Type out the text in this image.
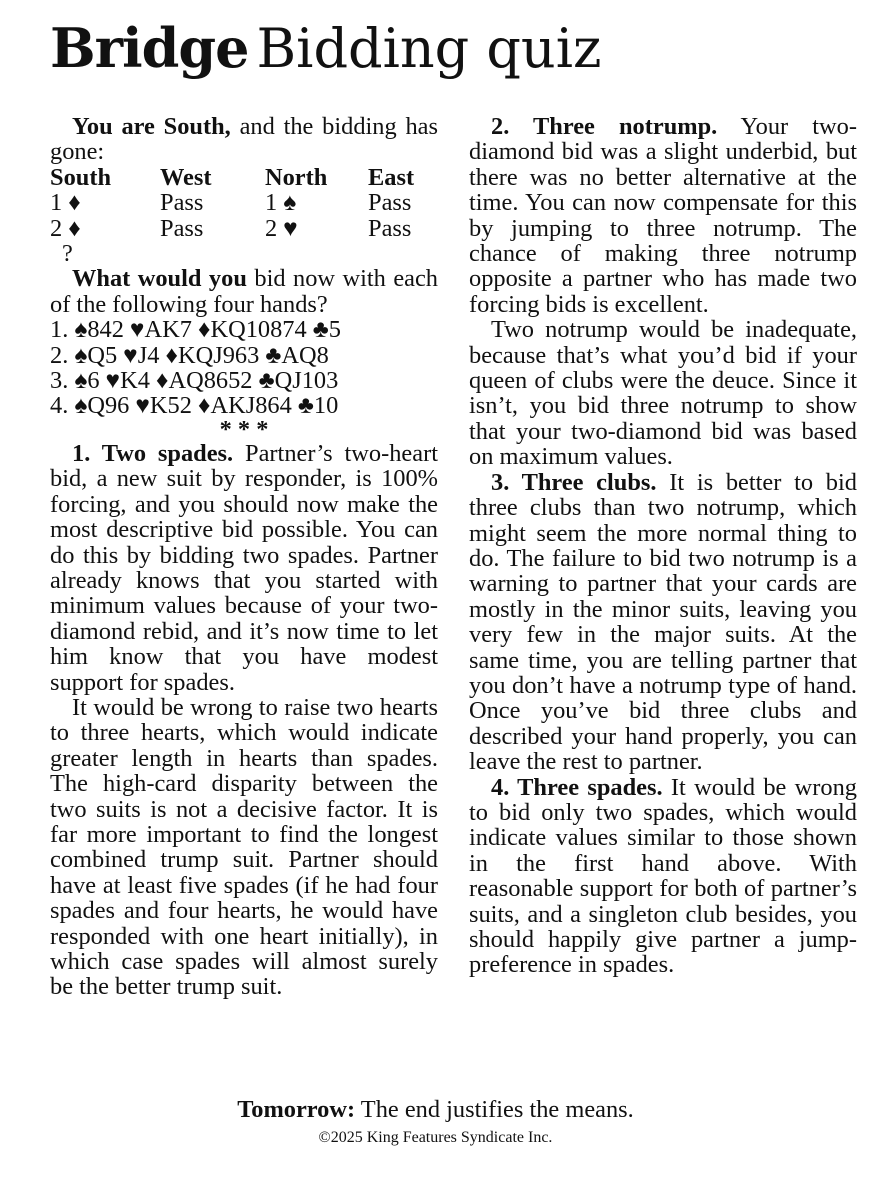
Bridge Bidding quiz

You are South, and the bidding has gone:

South	West	North	East
1 ♦	Pass	1 ♠	Pass
2 ♦	Pass	2 ♥	Pass
?

What would you bid now with each of the following four hands?

1. ♠842 ♥AK7 ♦KQ10874 ♣5

2. ♠Q5 ♥J4 ♦KQJ963 ♣AQ8

3. ♠6 ♥K4 ♦AQ8652 ♣QJ103

4. ♠Q96 ♥K52 ♦AKJ864 ♣10

* * *

1. Two spades. Partner’s two-heart bid, a new suit by responder, is 100% forcing, and you should now make the most descriptive bid possible. You can do this by bidding two spades. Partner already knows that you started with minimum values because of your two-diamond rebid, and it’s now time to let him know that you have modest support for spades.

It would be wrong to raise two hearts to three hearts, which would indicate greater length in hearts than spades. The high-card disparity between the two suits is not a decisive factor. It is far more important to find the longest combined trump suit. Partner should have at least five spades (if he had four spades and four hearts, he would have responded with one heart initially), in which case spades will almost surely be the better trump suit.

2. Three notrump. Your two-diamond bid was a slight underbid, but there was no better alternative at the time. You can now compensate for this by jumping to three notrump. The chance of making three notrump opposite a partner who has made two forcing bids is excellent.

Two notrump would be inadequate, because that’s what you’d bid if your queen of clubs were the deuce. Since it isn’t, you bid three notrump to show that your two-diamond bid was based on maximum values.

3. Three clubs. It is better to bid three clubs than two notrump, which might seem the more normal thing to do. The failure to bid two notrump is a warning to partner that your cards are mostly in the minor suits, leaving you very few in the major suits. At the same time, you are telling partner that you don’t have a notrump type of hand. Once you’ve bid three clubs and described your hand properly, you can leave the rest to partner.

4. Three spades. It would be wrong to bid only two spades, which would indicate values similar to those shown in the first hand above. With reasonable support for both of partner’s suits, and a singleton club besides, you should happily give partner a jump-preference in spades.

Tomorrow: The end justifies the means.
©2025 King Features Syndicate Inc.
